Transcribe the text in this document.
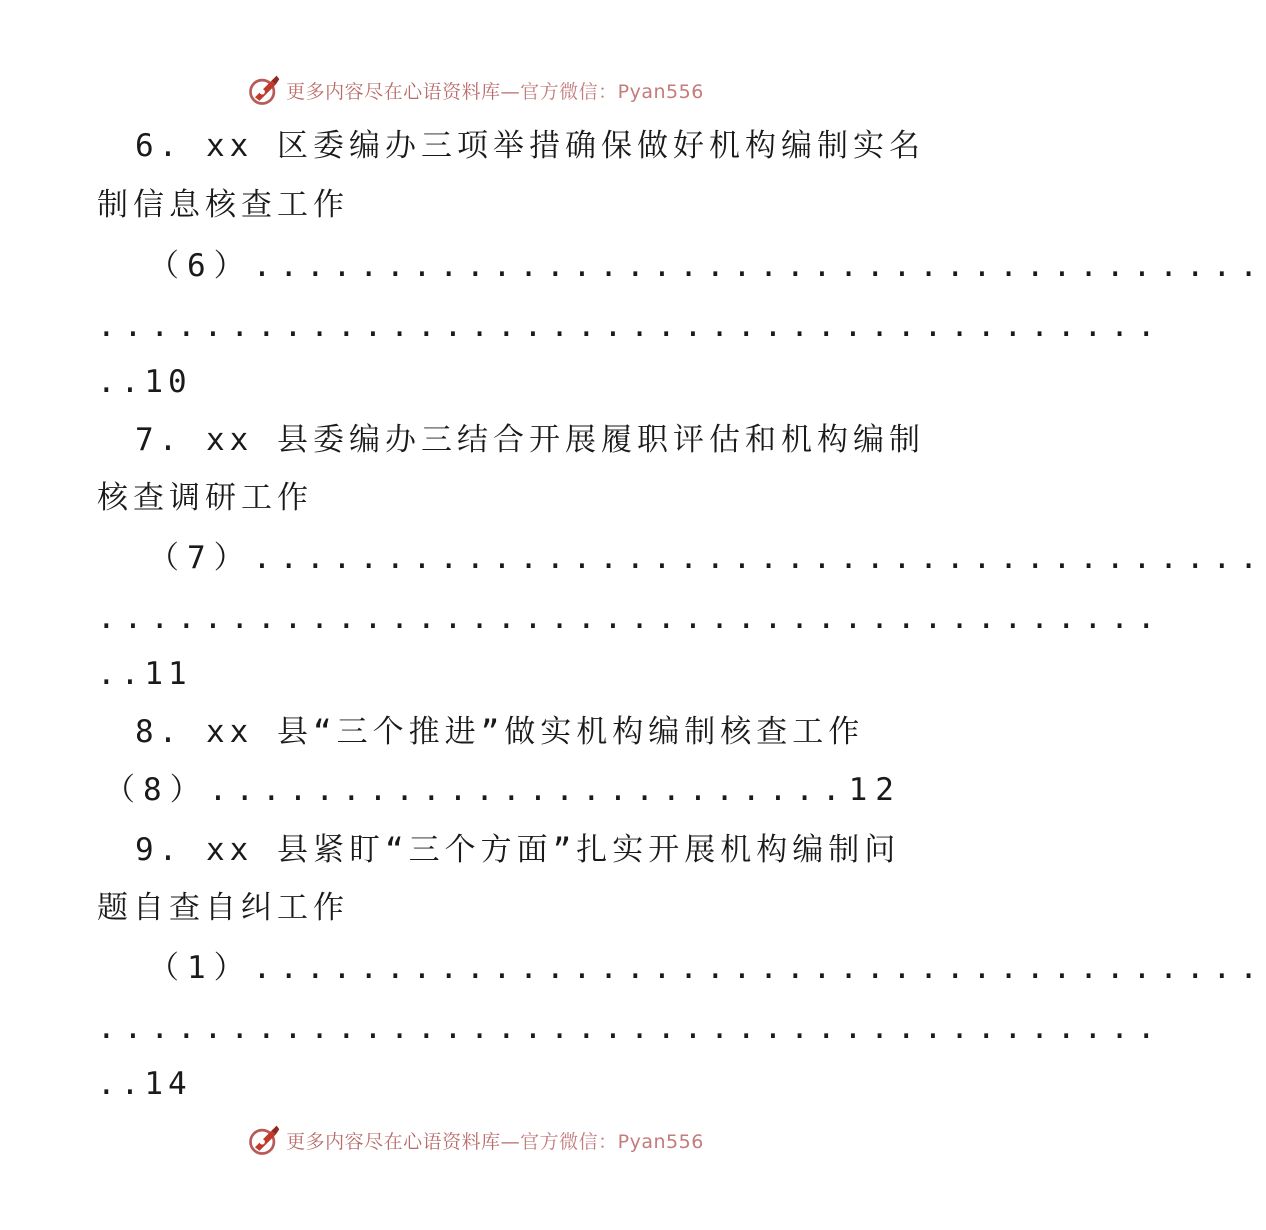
更多内容尽在心语资料库—官方微信：Pyan556
6. xx 区委编办三项举措确保做好机构编制实名
制信息核查工作
（6）......................................
........................................
..10
7. xx 县委编办三结合开展履职评估和机构编制
核查调研工作
（7）......................................
........................................
..11
8. xx 县“三个推进”做实机构编制核查工作
（8）........................12
9. xx 县紧盯“三个方面”扎实开展机构编制问
题自查自纠工作
（1）......................................
........................................
..14
更多内容尽在心语资料库—官方微信：Pyan556
